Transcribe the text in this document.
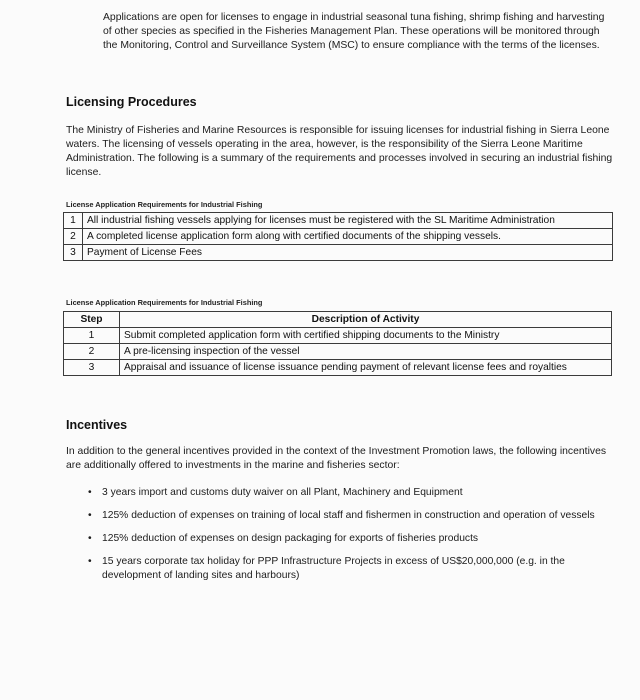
Applications are open for licenses to engage in industrial seasonal tuna fishing, shrimp fishing and harvesting of other species as specified in the Fisheries Management Plan. These operations will be monitored through the Monitoring, Control and Surveillance System (MSC) to ensure compliance with the terms of the licenses.

Licensing Procedures

The Ministry of Fisheries and Marine Resources is responsible for issuing licenses for industrial fishing in Sierra Leone waters. The licensing of vessels operating in the area, however, is the responsibility of the Sierra Leone Maritime Administration. The following is a summary of the requirements and processes involved in securing an industrial fishing license.

License Application Requirements for Industrial Fishing

1	All industrial fishing vessels applying for licenses must be registered with the SL Maritime Administration
2	A completed license application form along with certified documents of the shipping vessels.
3	Payment of License Fees

License Application Requirements for Industrial Fishing

Step	Description of Activity
1	Submit completed application form with certified shipping documents to the Ministry
2	A pre-licensing inspection of the vessel
3	Appraisal and issuance of license issuance pending payment of relevant license fees and royalties
Incentives

In addition to the general incentives provided in the context of the Investment Promotion laws, the following incentives are additionally offered to investments in the marine and fisheries sector:

• 3 years import and customs duty waiver on all Plant, Machinery and Equipment
• 125% deduction of expenses on training of local staff and fishermen in construction and operation of vessels
• 125% deduction of expenses on design packaging for exports of fisheries products
• 15 years corporate tax holiday for PPP Infrastructure Projects in excess of US$20,000,000 (e.g. in the development of landing sites and harbours)
